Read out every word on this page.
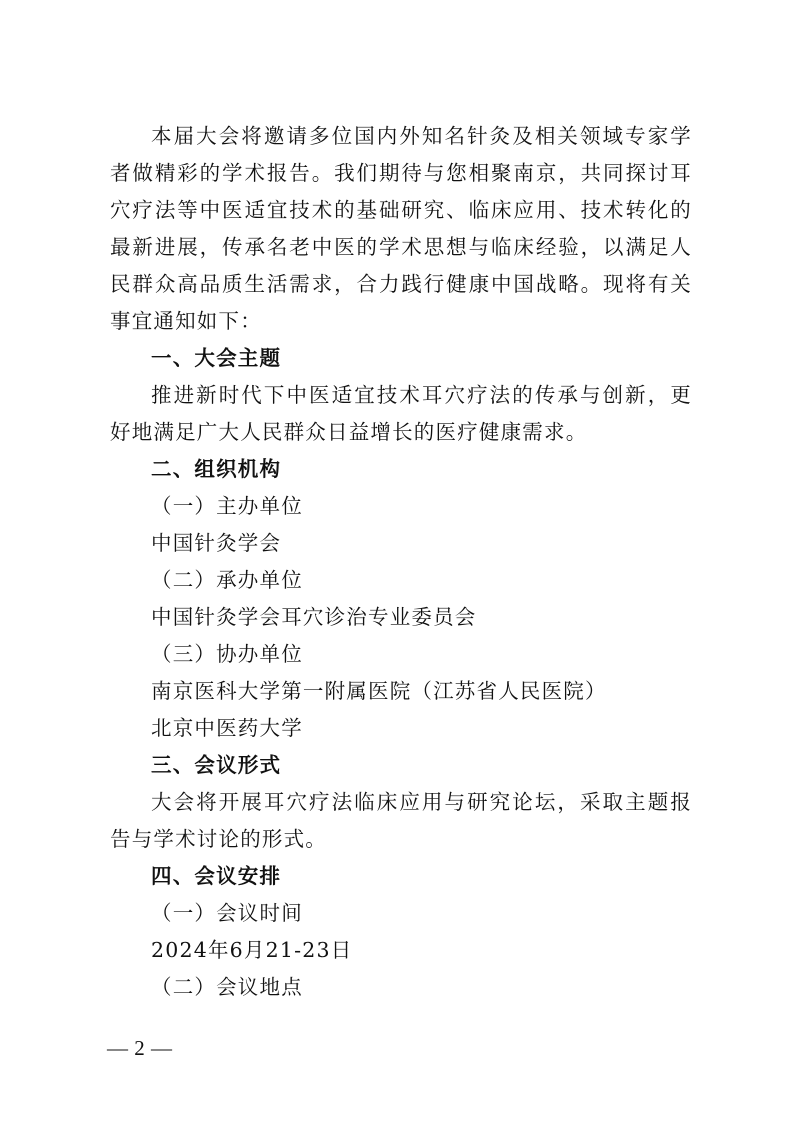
本届大会将邀请多位国内外知名针灸及相关领域专家学者做精彩的学术报告。我们期待与您相聚南京，共同探讨耳穴疗法等中医适宜技术的基础研究、临床应用、技术转化的最新进展，传承名老中医的学术思想与临床经验，以满足人民群众高品质生活需求，合力践行健康中国战略。现将有关事宜通知如下：

一、大会主题

推进新时代下中医适宜技术耳穴疗法的传承与创新，更好地满足广大人民群众日益增长的医疗健康需求。

二、组织机构

（一）主办单位

中国针灸学会

（二）承办单位

中国针灸学会耳穴诊治专业委员会

（三）协办单位

南京医科大学第一附属医院（江苏省人民医院）

北京中医药大学

三、会议形式

大会将开展耳穴疗法临床应用与研究论坛，采取主题报告与学术讨论的形式。

四、会议安排

（一）会议时间

2024年6月21-23日

（二）会议地点

— 2 —
